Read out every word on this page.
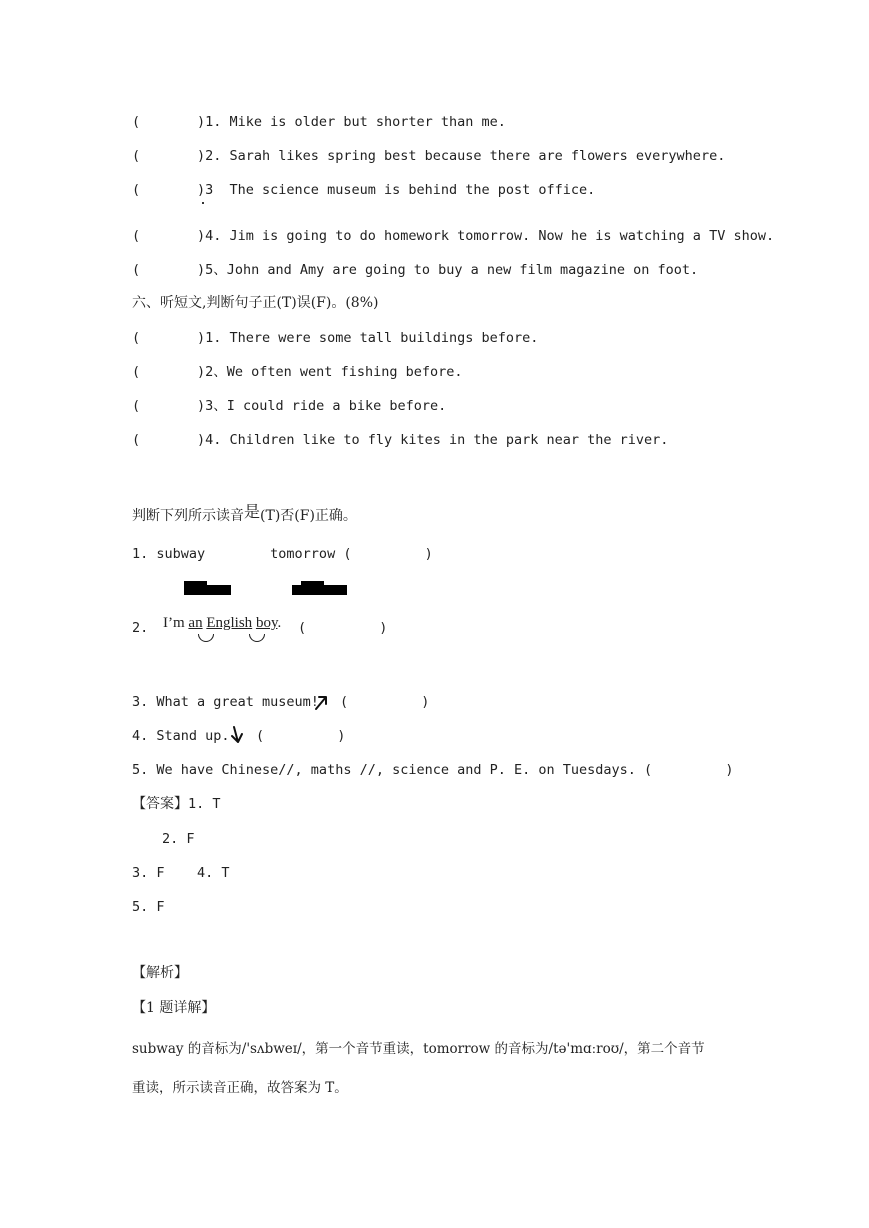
(       )1. Mike is older but shorter than me.
(       )2. Sarah likes spring best because there are flowers everywhere.
(       )3  The science museum is behind the post office.
(       )4. Jim is going to do homework tomorrow. Now he is watching a TV show.
(       )5、John and Amy are going to buy a new film magazine on foot.
六、听短文,判断句子正(T)误(F)。(8%)
(       )1. There were some tall buildings before.
(       )2、We often went fishing before.
(       )3、I could ride a bike before.
(       )4. Children like to fly kites in the park near the river.
判断下列所示读音是(T)否(F)正确。
1. subway        tomorrow (         )
2. I’m an English boy. (         )
3. What a great museum! (         )
4. Stand up. (         )
5. We have Chinese//, maths //, science and P. E. on Tuesdays. (         )
【答案】1. T
2. F
3. F    4. T
5. F
【解析】
【1 题详解】
subway 的音标为/'sʌbweɪ/，第一个音节重读，tomorrow 的音标为/tə'mɑːroʊ/，第二个音节
重读，所示读音正确，故答案为 T。
